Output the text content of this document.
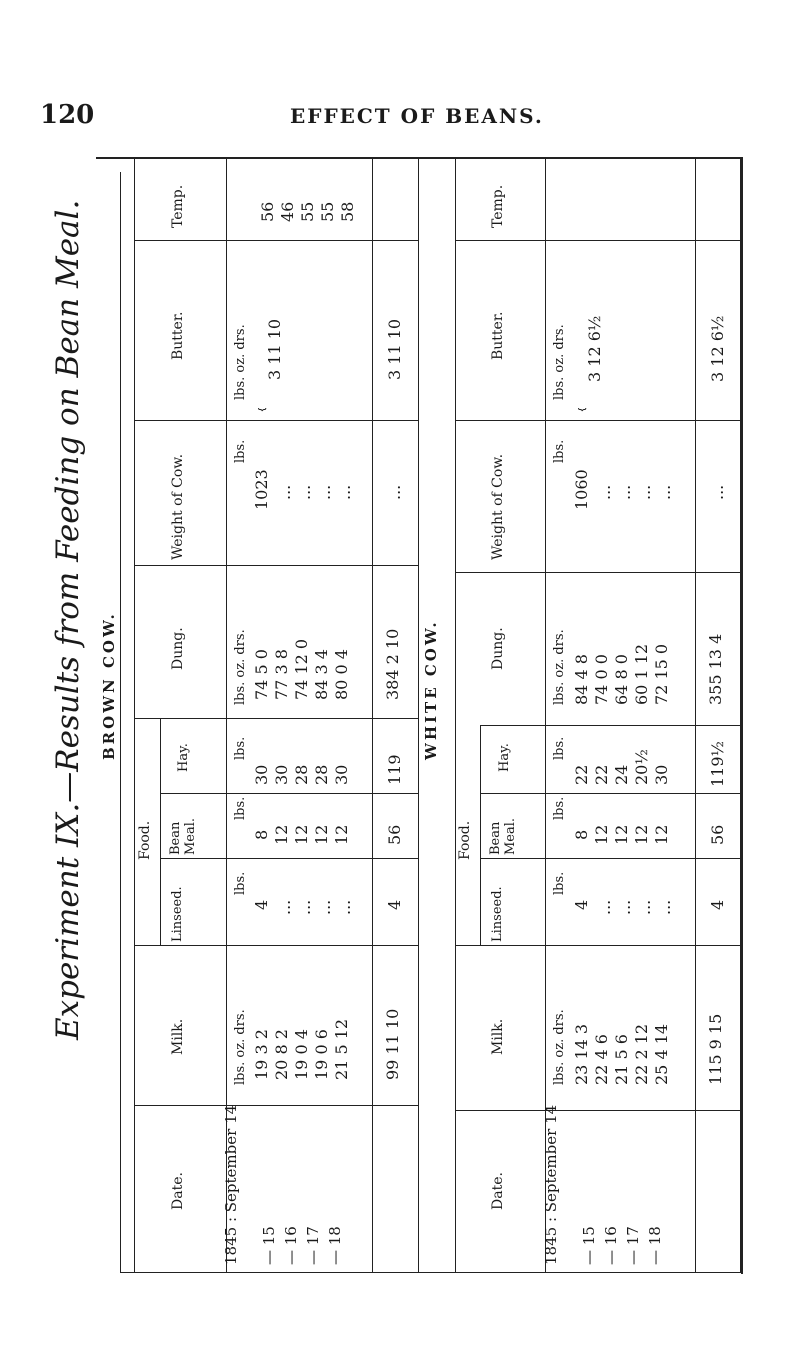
120	EFFECT OF BEANS.
Experiment IX.—Results from Feeding on Bean Meal. BROWN COW.	WHITE COW.
Temp.
Butter.
Weight of Cow.
Dung.
Food.
Hay.
Bean Meal.
Linseed.
Milk.
Date.
lbs. oz. drs.
lbs.
lbs. oz. drs.
lbs.
lbs.
lbs.
lbs. oz. drs.
56 46 55 55 58
3 11 10
⏟
3 11 10
1023 ... ... ... ... ...
74 5 0 77 3 8 74 12 0 84 3 4 80 0 4 384 2 10
30 30 28 28 30 119
8 12 12 12 12 56
4 ... ... ... ... 4
19 3 2 20 8 2 19 0 4 19 0 6 21 5 12 99 11 10
1845 : September 14 — 15 — 16 — 17 — 18
Temp.
Butter.
Weight of Cow.
Dung.
Food.
Hay.
Bean Meal.
Linseed.
Milk.
Date.
lbs. oz. drs.
lbs.
lbs. oz. drs.
lbs.
lbs.
lbs.
lbs. oz. drs.
3 12 6½
⏟
3 12 6½
1060 ... ... ... ... ...
84 4 8 74 0 0 64 8 0 60 1 12 72 15 0 355 13 4
22 22 24 20½ 30 119½
8 12 12 12 12 56
4 ... ... ... ... 4
23 14 3 22 4 6 21 5 6 22 2 12 25 4 14 115 9 15
1845 : September 14 — 15 — 16 — 17 — 18
